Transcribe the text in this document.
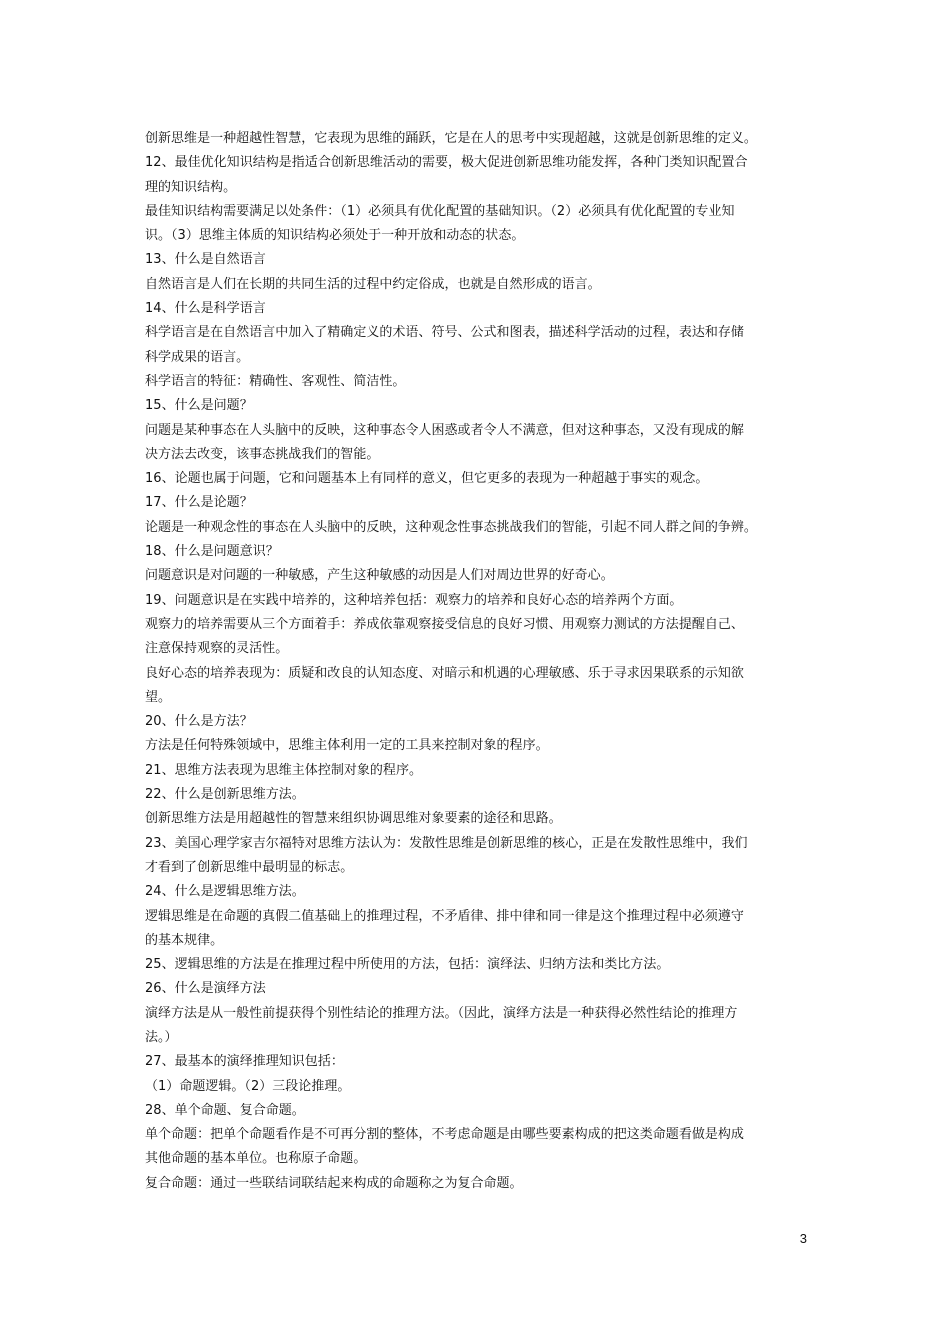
创新思维是一种超越性智慧，它表现为思维的踊跃，它是在人的思考中实现超越，这就是创新思维的定义。
12、最佳优化知识结构是指适合创新思维活动的需要，极大促进创新思维功能发挥，各种门类知识配置合
理的知识结构。
最佳知识结构需要满足以处条件：（1）必须具有优化配置的基础知识。（2）必须具有优化配置的专业知
识。（3）思维主体质的知识结构必须处于一种开放和动态的状态。
13、什么是自然语言
自然语言是人们在长期的共同生活的过程中约定俗成，也就是自然形成的语言。
14、什么是科学语言
科学语言是在自然语言中加入了精确定义的术语、符号、公式和图表，描述科学活动的过程，表达和存储
科学成果的语言。
科学语言的特征：精确性、客观性、简洁性。
15、什么是问题？
问题是某种事态在人头脑中的反映，这种事态令人困惑或者令人不满意，但对这种事态，又没有现成的解
决方法去改变，该事态挑战我们的智能。
16、论题也属于问题，它和问题基本上有同样的意义，但它更多的表现为一种超越于事实的观念。
17、什么是论题？
论题是一种观念性的事态在人头脑中的反映，这种观念性事态挑战我们的智能，引起不同人群之间的争辨。
18、什么是问题意识？
问题意识是对问题的一种敏感，产生这种敏感的动因是人们对周边世界的好奇心。
19、问题意识是在实践中培养的，这种培养包括：观察力的培养和良好心态的培养两个方面。
观察力的培养需要从三个方面着手：养成依靠观察接受信息的良好习惯、用观察力测试的方法提醒自己、
注意保持观察的灵活性。
良好心态的培养表现为：质疑和改良的认知态度、对暗示和机遇的心理敏感、乐于寻求因果联系的示知欲
望。
20、什么是方法？
方法是任何特殊领域中，思维主体利用一定的工具来控制对象的程序。
21、思维方法表现为思维主体控制对象的程序。
22、什么是创新思维方法。
创新思维方法是用超越性的智慧来组织协调思维对象要素的途径和思路。
23、美国心理学家吉尔福特对思维方法认为：发散性思维是创新思维的核心，正是在发散性思维中，我们
才看到了创新思维中最明显的标志。
24、什么是逻辑思维方法。
逻辑思维是在命题的真假二值基础上的推理过程，不矛盾律、排中律和同一律是这个推理过程中必须遵守
的基本规律。
25、逻辑思维的方法是在推理过程中所使用的方法，包括：演绎法、归纳方法和类比方法。
26、什么是演绎方法
演绎方法是从一般性前提获得个别性结论的推理方法。（因此，演绎方法是一种获得必然性结论的推理方
法。）
27、最基本的演绎推理知识包括：
（1）命题逻辑。（2）三段论推理。
28、单个命题、复合命题。
单个命题：把单个命题看作是不可再分割的整体，不考虑命题是由哪些要素构成的把这类命题看做是构成
其他命题的基本单位。也称原子命题。
复合命题：通过一些联结词联结起来构成的命题称之为复合命题。
3
